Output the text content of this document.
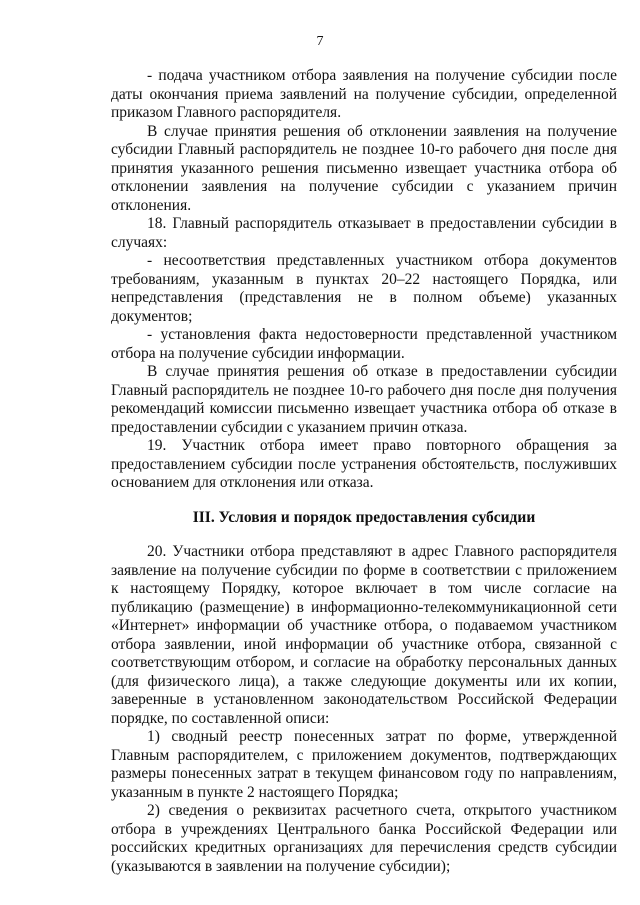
7

- подача участником отбора заявления на получение субсидии после даты окончания приема заявлений на получение субсидии, определенной приказом Главного распорядителя.

В случае принятия решения об отклонении заявления на получение субсидии Главный распорядитель не позднее 10-го рабочего дня после дня принятия указанного решения письменно извещает участника отбора об отклонении заявления на получение субсидии с указанием причин отклонения.

18. Главный распорядитель отказывает в предоставлении субсидии в случаях:

- несоответствия представленных участником отбора документов требованиям, указанным в пунктах 20–22 настоящего Порядка, или непредставления (представления не в полном объеме) указанных документов;

- установления факта недостоверности представленной участником отбора на получение субсидии информации.

В случае принятия решения об отказе в предоставлении субсидии Главный распорядитель не позднее 10-го рабочего дня после дня получения рекомендаций комиссии письменно извещает участника отбора об отказе в предоставлении субсидии с указанием причин отказа.

19. Участник отбора имеет право повторного обращения за предоставлением субсидии после устранения обстоятельств, послуживших основанием для отклонения или отказа.

III. Условия и порядок предоставления субсидии

20. Участники отбора представляют в адрес Главного распорядителя заявление на получение субсидии по форме в соответствии с приложением к настоящему Порядку, которое включает в том числе согласие на публикацию (размещение) в информационно-телекоммуникационной сети «Интернет» информации об участнике отбора, о подаваемом участником отбора заявлении, иной информации об участнике отбора, связанной с соответствующим отбором, и согласие на обработку персональных данных (для физического лица), а также следующие документы или их копии, заверенные в установленном законодательством Российской Федерации порядке, по составленной описи:

1) сводный реестр понесенных затрат по форме, утвержденной Главным распорядителем, с приложением документов, подтверждающих размеры понесенных затрат в текущем финансовом году по направлениям, указанным в пункте 2 настоящего Порядка;

2) сведения о реквизитах расчетного счета, открытого участником отбора в учреждениях Центрального банка Российской Федерации или российских кредитных организациях для перечисления средств субсидии (указываются в заявлении на получение субсидии);
